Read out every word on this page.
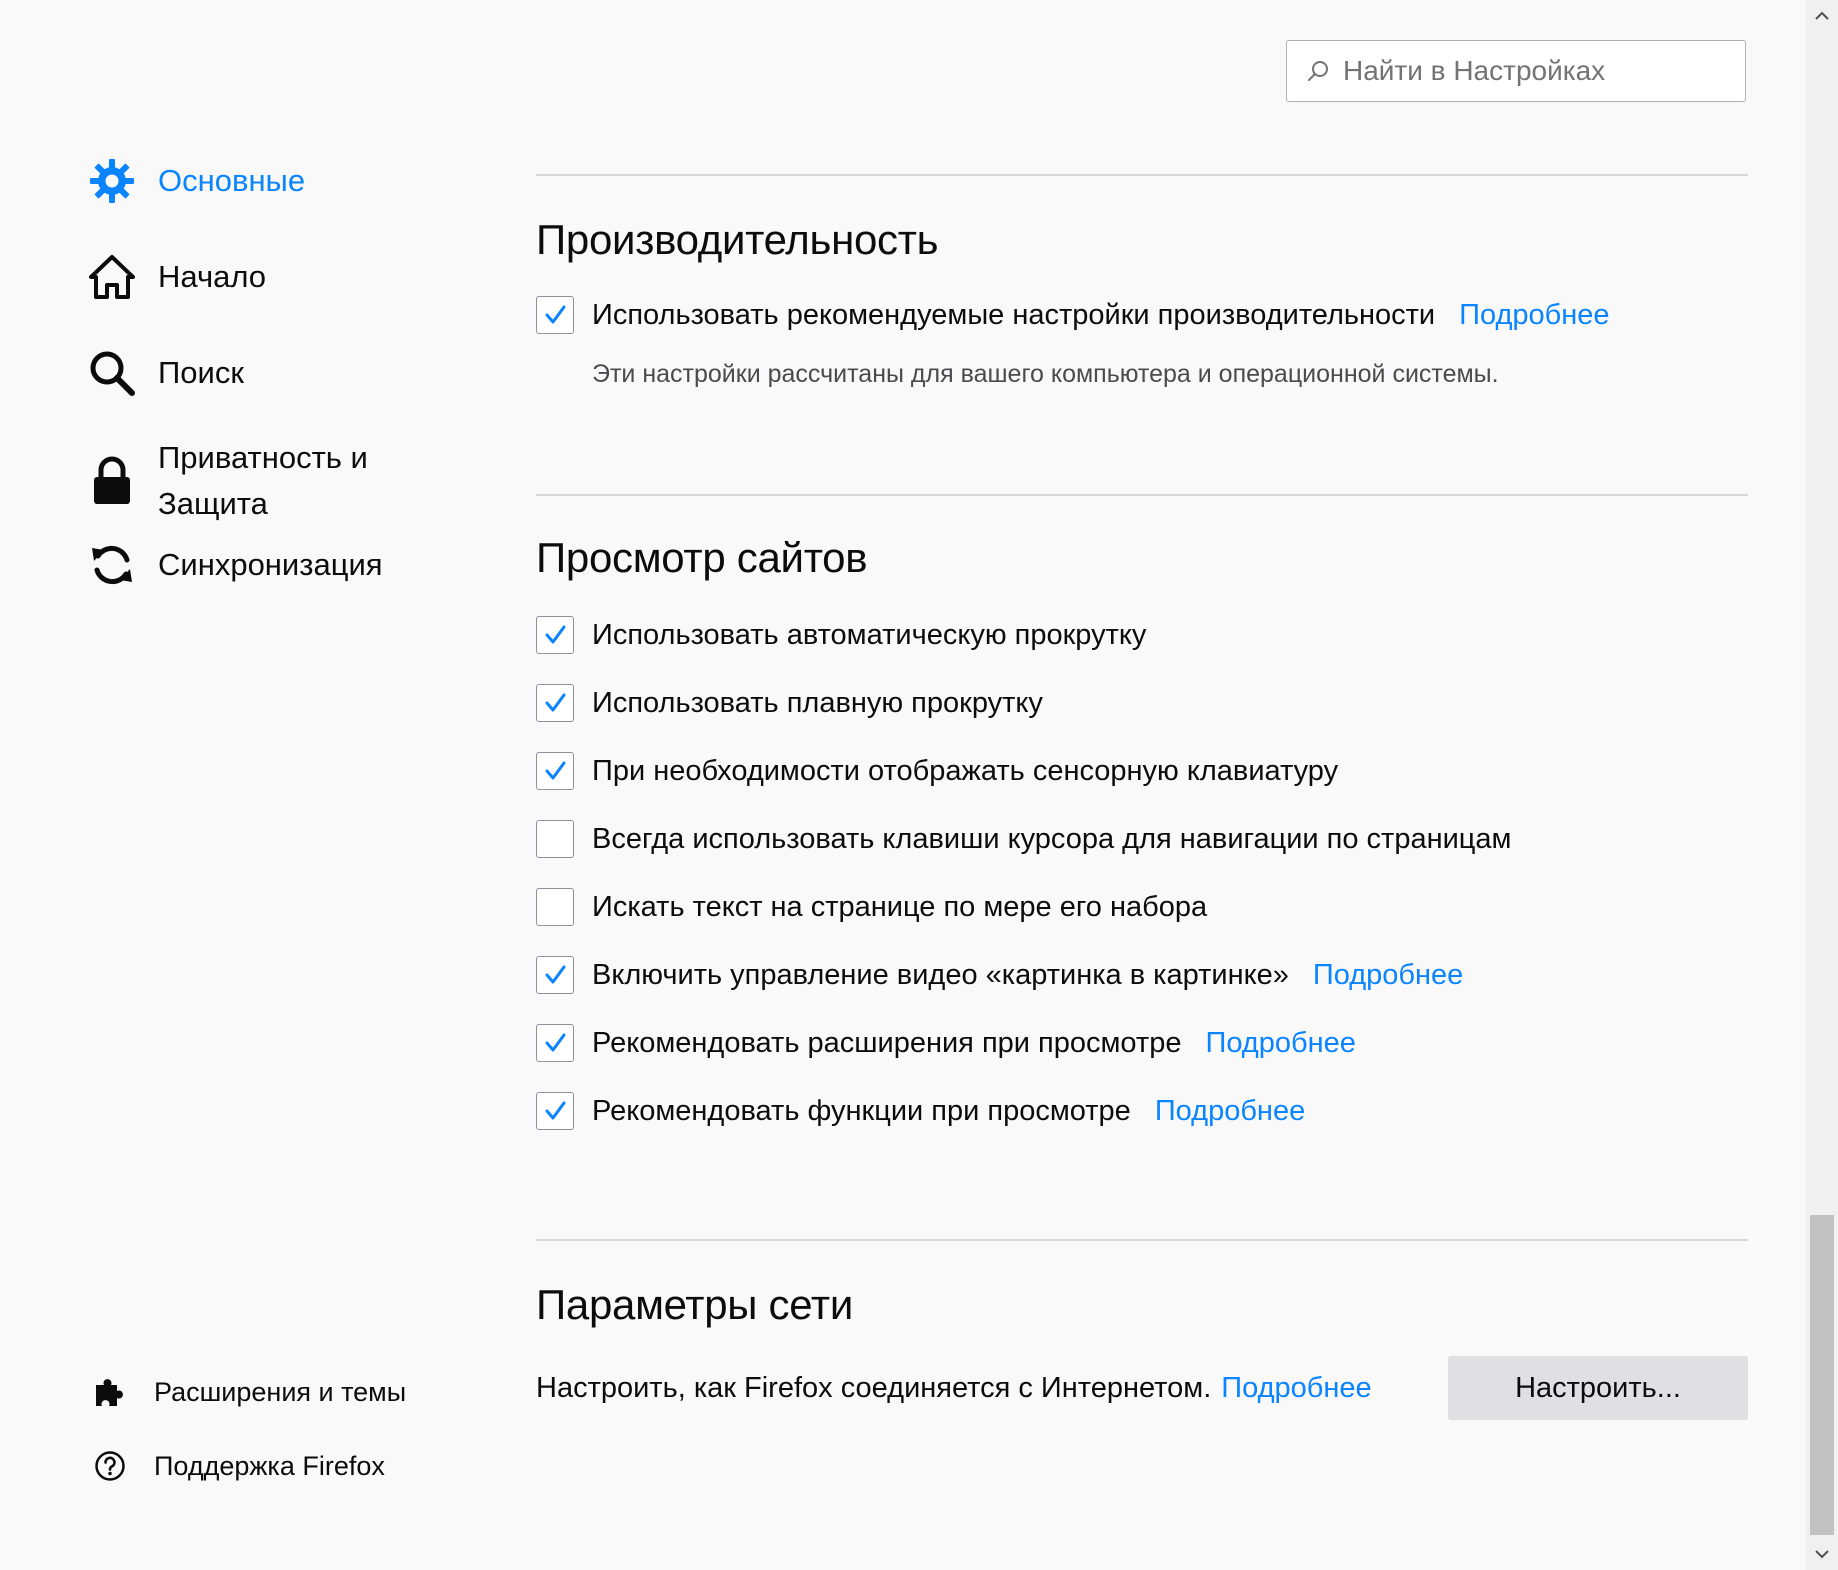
Найти в Настройках
Основные
Начало
Поиск
Приватность и
Защита
Синхронизация
Расширения и темы
Поддержка Firefox
Производительность
Использовать рекомендуемые настройки производительности Подробнее
Эти настройки рассчитаны для вашего компьютера и операционной системы.
Просмотр сайтов
Использовать автоматическую прокрутку
Использовать плавную прокрутку
При необходимости отображать сенсорную клавиатуру
Всегда использовать клавиши курсора для навигации по страницам
Искать текст на странице по мере его набора
Включить управление видео «картинка в картинке» Подробнее
Рекомендовать расширения при просмотре Подробнее
Рекомендовать функции при просмотре Подробнее
Параметры сети
Настроить, как Firefox соединяется с Интернетом. Подробнее	Настроить...
